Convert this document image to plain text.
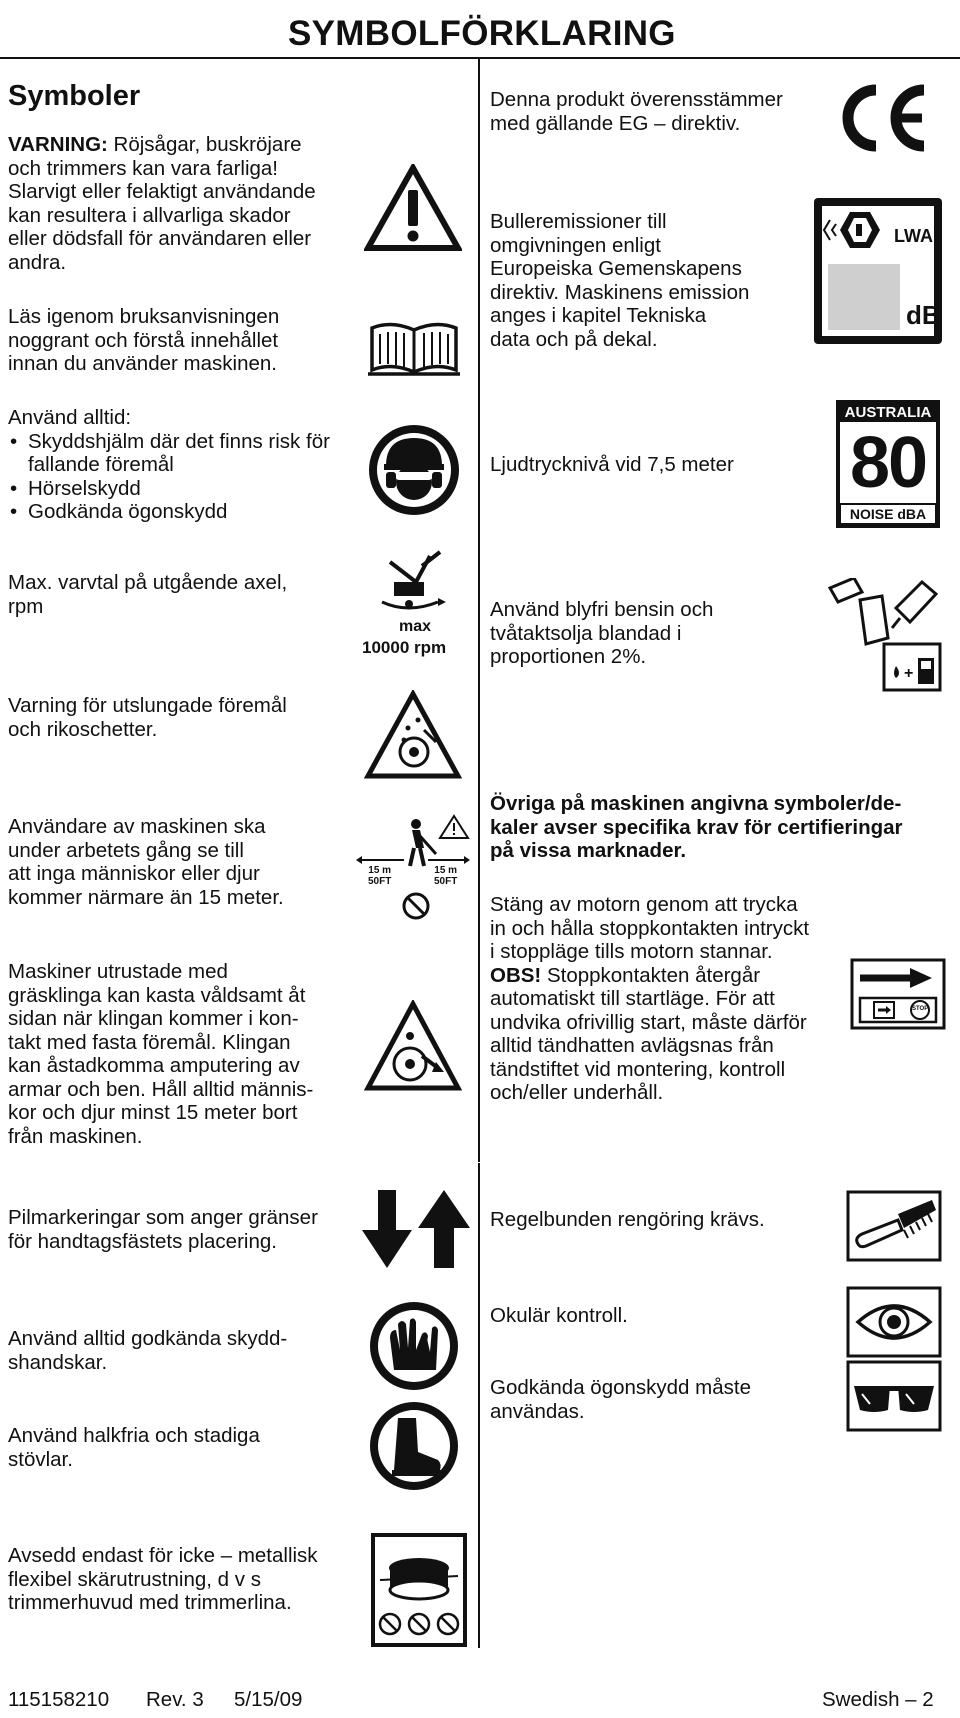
SYMBOLFÖRKLARING
Symboler
VARNING: Röjsågar, buskröjare
och trimmers kan vara farliga!
Slarvigt eller felaktigt användande
kan resultera i allvarliga skador
eller dödsfall för användaren eller
andra.
Läs igenom bruksanvisningen
noggrant och förstå innehållet
innan du använder maskinen.
Använd alltid:
• Skyddshjälm där det finns risk för
fallande föremål
• Hörselskydd
• Godkända ögonskydd
Max. varvtal på utgående axel,
rpm
max
10000 rpm
Varning för utslungade föremål
och rikoschetter.
Användare av maskinen ska
under arbetets gång se till
att inga människor eller djur
kommer närmare än 15 meter.
15 m
50FT
15 m
50FT
Maskiner utrustade med
gräsklinga kan kasta våldsamt åt
sidan när klingan kommer i kon-
takt med fasta föremål. Klingan
kan åstadkomma amputering av
armar och ben. Håll alltid männis-
kor och djur minst 15 meter bort
från maskinen.
Pilmarkeringar som anger gränser
för handtagsfästets placering.
Använd alltid godkända skydd-
shandskar.
Använd halkfria och stadiga
stövlar.
Avsedd endast för icke – metallisk
flexibel skärutrustning, d v s
trimmerhuvud med trimmerlina.
Denna produkt överensstämmer
med gällande EG – direktiv.
Bulleremissioner till
omgivningen enligt
Europeiska Gemenskapens
direktiv. Maskinens emission
anges i kapitel Tekniska
data och på dekal.
LWA
dB
Ljudtrycknivå vid 7,5 meter
AUSTRALIA
80
NOISE dBA
Använd blyfri bensin och
tvåtaktsolja blandad i
proportionen 2%.
+
Övriga på maskinen angivna symboler/de-
kaler avser specifika krav för certifieringar
på vissa marknader.
Stäng av motorn genom att trycka
in och hålla stoppkontakten intryckt
i stoppläge tills motorn stannar.
OBS! Stoppkontakten återgår
automatiskt till startläge. För att
undvika ofrivillig start, måste därför
alltid tändhatten avlägsnas från
tändstiftet vid montering, kontroll
och/eller underhåll.
STOP
Regelbunden rengöring krävs.
Okulär kontroll.
Godkända ögonskydd måste
användas.
115158210 Rev. 3 5/15/09	Swedish – 2
